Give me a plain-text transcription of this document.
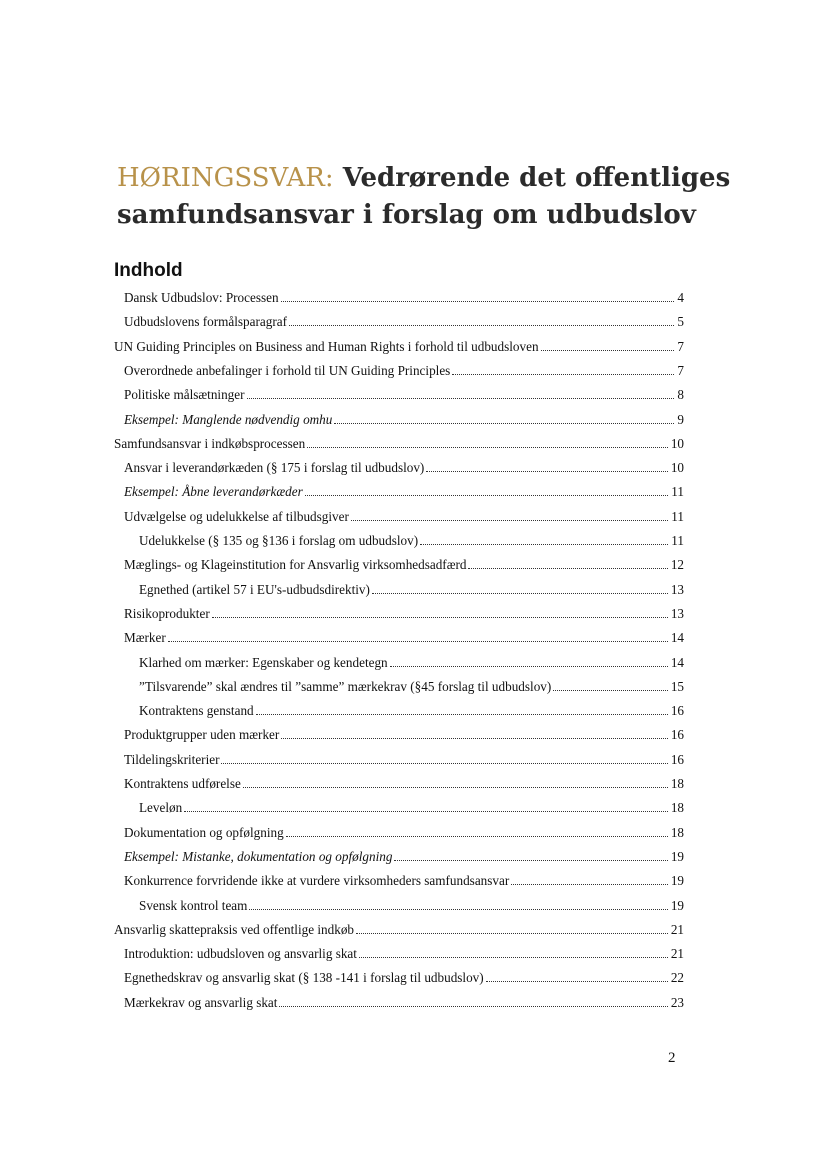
HØRINGSSVAR: Vedrørende det offentliges
samfundsansvar i forslag om udbudslov
Indhold
Dansk Udbudslov: Processen	4
Udbudslovens formålsparagraf	5
UN Guiding Principles on Business and Human Rights i forhold til udbudsloven	7
Overordnede anbefalinger i forhold til UN Guiding Principles	7
Politiske målsætninger	8
Eksempel: Manglende nødvendig omhu	9
Samfundsansvar i indkøbsprocessen	10
Ansvar i leverandørkæden (§ 175 i forslag til udbudslov)	10
Eksempel: Åbne leverandørkæder	11
Udvælgelse og udelukkelse af tilbudsgiver	11
Udelukkelse (§ 135 og §136 i forslag om udbudslov)	11
Mæglings- og Klageinstitution for Ansvarlig virksomhedsadfærd	12
Egnethed (artikel 57 i EU's-udbudsdirektiv)	13
Risikoprodukter	13
Mærker	14
Klarhed om mærker: Egenskaber og kendetegn	14
”Tilsvarende” skal ændres til ”samme” mærkekrav (§45 forslag til udbudslov)	15
Kontraktens genstand	16
Produktgrupper uden mærker	16
Tildelingskriterier	16
Kontraktens udførelse	18
Leveløn	18
Dokumentation og opfølgning	18
Eksempel: Mistanke, dokumentation og opfølgning	19
Konkurrence forvridende ikke at vurdere virksomheders samfundsansvar	19
Svensk kontrol team	19
Ansvarlig skattepraksis ved offentlige indkøb	21
Introduktion: udbudsloven og ansvarlig skat	21
Egnethedskrav og ansvarlig skat (§ 138 -141 i forslag til udbudslov)	22
Mærkekrav og ansvarlig skat	23
2
